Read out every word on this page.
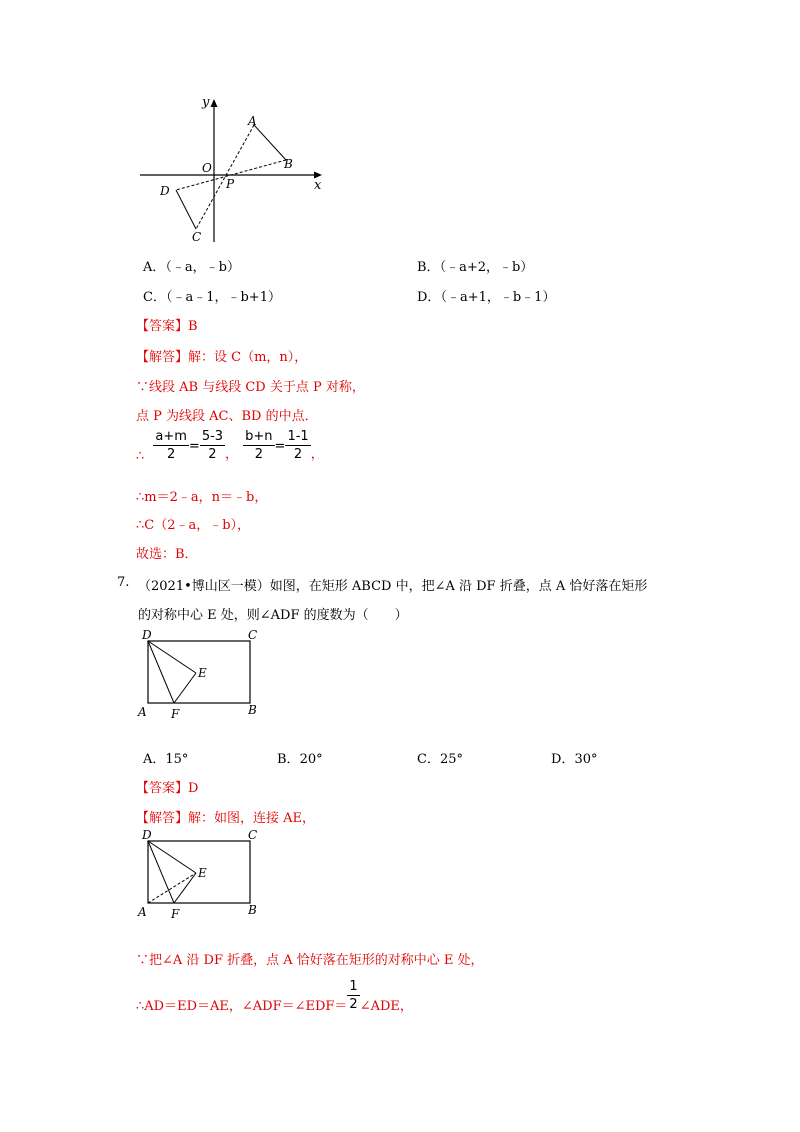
y
x
O
P
A
B
C
D
A．（﹣a，﹣b）	B．（﹣a+2，﹣b）
C．（﹣a﹣1，﹣b+1）	D．（﹣a+1，﹣b﹣1）
【答案】B
【解答】解：设 C（m，n），
∵线段 AB 与线段 CD 关于点 P 对称，
点 P 为线段 AC、BD 的中点．
$_\therefore \frac{a+m}{2} = \frac{5-3}{2} _, \frac{b+n}{2} = \frac{1-1}{2} _,$
∴m＝2﹣a，n＝﹣b，
∴C（2﹣a，﹣b），
故选：B．
7. （2021•博山区一模）如图，在矩形 ABCD 中，把∠A 沿 DF 折叠，点 A 恰好落在矩形
的对称中心 E 处，则∠ADF 的度数为（　　）
D	C
E
A F	B
A．15°	B．20°	C．25°	D．30°
【答案】D
【解答】解：如图，连接 AE，
D	C
E
A F	B
∵把∠A 沿 DF 折叠，点 A 恰好落在矩形的对称中心 E 处，
$_{\therefore AD=ED=AE,\angle ADF=\angle EDF=} \frac{1}{2} _{\angle ADE,}$
